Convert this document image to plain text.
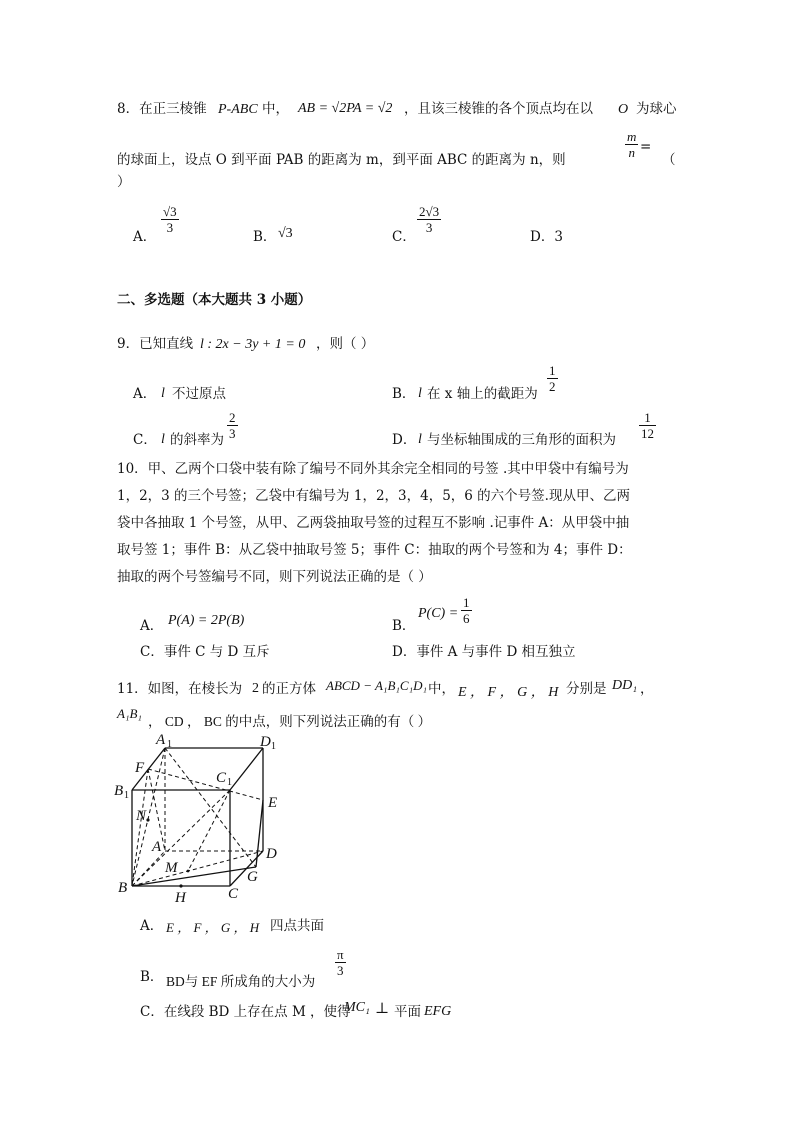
8．在正三棱锥 P-ABC 中， AB = √2PA = √2 ，且该三棱锥的各个顶点均在以 O 为球心
的球面上，设点 O 到平面 PAB 的距离为 m，到平面 ABC 的距离为 n，则
$\frac{m}{n}$ =
（
）
A．
$\frac{√3}{3}$
B． √3	C．
$\frac{2√3}{3}$
D．3
二、多选题（本大题共 3 小题）
9．已知直线 l : 2x − 3y + 1 = 0 ，则（ ）
A． l 不过原点	B． l 在 x 轴上的截距为
$\frac{1}{2}$
C． l 的斜率为 $\frac{2}{3}$	D． l 与坐标轴围成的三角形的面积为 $\frac{1}{12}$
10．甲、乙两个口袋中装有除了编号不同外其余完全相同的号签 .其中甲袋中有编号为
1，2，3 的三个号签；乙袋中有编号为 1，2，3，4，5，6 的六个号签.现从甲、乙两
袋中各抽取 1 个号签，从甲、乙两袋抽取号签的过程互不影响 .记事件 A：从甲袋中抽
取号签 1；事件 B：从乙袋中抽取号签 5；事件 C：抽取的两个号签和为 4；事件 D：
抽取的两个号签编号不同，则下列说法正确的是（ ）
A． P(A) = 2P(B)	B．
$P(C) = \frac{1}{6}$
C．事件 C 与 D 互斥	D．事件 A 与事件 D 相互独立
11．如图，在棱长为 2 的正方体 ABCD − A₁B₁C₁D₁ 中， E ， F ， G ， H 分别是 DD₁ ，
A₁B₁
， CD ， BC 的中点，则下列说法正确的有（ ）
A 1	D 1
F
C 1
B 1	E
N
A	D
M
G
B	C
H
A． E ， F ， G ， H 四点共面
B． BD与 EF 所成角的大小为
$\frac{\pi}{3}$
C．在线段 BD 上存在点 M ，使得
MC₁ ⊥ 平面 EFG
